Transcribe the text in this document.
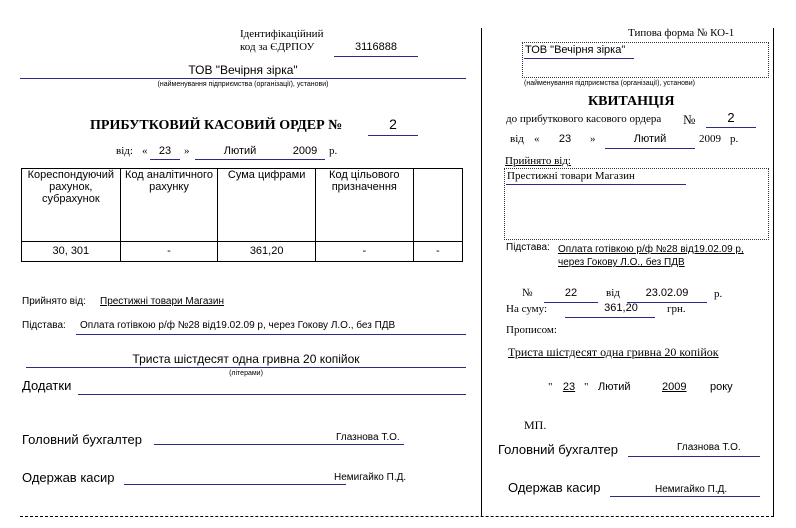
Ідентифікаційний
код за ЄДРПОУ	3116888
ТОВ "Вечірня зірка"
(найменування підприємства (організації), установи)
ПРИБУТКОВИЙ КАСОВИЙ ОРДЕР №	2
від: «	23	»	Лютий	2009	р.
Кореспондуючий рахунок, субрахунок	Код аналітичного рахунку	Сума цифрами	Код цільового призначення	
30, 301	-	361,20	-	-
Прийнято від: Престижні товари Магазин
Підстава: Оплата готівкою р/ф №28 від19.02.09 р, через Гокову Л.О., без ПДВ
Триста шістдесят одна гривна 20 копійок
(літерами)
Додатки
Головний бухгалтер	Глазнова Т.О.
Одержав касир	Немигайко П.Д.
Типова форма № КО-1
ТОВ "Вечірня зірка"
(найменування підприємства (організації), установи)
КВИТАНЦІЯ
до прибуткового касового ордера №	2
від «	23	»	Лютий	2009 р.
Прийнято від:
Престижні товари Магазин
Підстава: Оплата готівкою р/ф №28 від19.02.09 р,
через Гокову Л.О., без ПДВ
№	22	від	23.02.09	р.
На суму:	361,20	грн.
Прописом:
Триста шістдесят одна гривна 20 копійок
" 23 " Лютий	2009 року
МП.
Головний бухгалтер	Глазнова Т.О.
Одержав касир	Немигайко П.Д.
